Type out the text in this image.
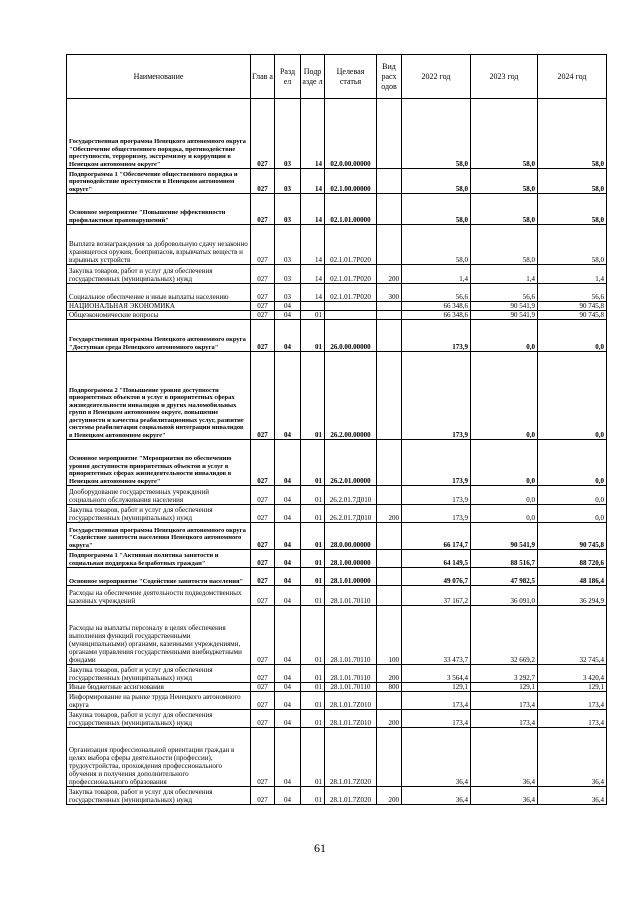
Наименование	Глав а	Разд ел	Подр азде л	Целевая статья	Вид расх одов	2022 год	2023 год	2024 год
Государственная программа Ненецкого автономного округа "Обеспечение общественного порядка, противодействие преступности, терроризму, экстремизму и коррупции в Ненецком автономном округе"	027	03	14	02.0.00.00000		58,0	58,0	58,0
Подпрограмма 1 "Обеспечение общественного порядка и противодействие преступности в Ненецком автономном округе"	027	03	14	02.1.00.00000		58,0	58,0	58,0
Основное мероприятие "Повышение эффективности профилактики правонарушений"	027	03	14	02.1.01.00000		58,0	58,0	58,0
Выплата вознаграждения за добровольную сдачу незаконно хранящегося оружия, боеприпасов, взрывчатых веществ и взрывных устройств	027	03	14	02.1.01.7Р020		58,0	58,0	58,0
Закупка товаров, работ и услуг для обеспечения государственных (муниципальных) нужд	027	03	14	02.1.01.7Р020	200	1,4	1,4	1,4
Социальное обеспечение и иные выплаты населению	027	03	14	02.1.01.7Р020	300	56,6	56,6	56,6
НАЦИОНАЛЬНАЯ ЭКОНОМИКА	027	04				66 348,6	90 541,9	90 745,8
Общеэкономические вопросы	027	04	01			66 348,6	90 541,9	90 745,8
Государственная программа Ненецкого автономного округа "Доступная среда Ненецкого автономного округа"	027	04	01	26.0.00.00000		173,9	0,0	0,0
Подпрограмма 2 "Повышение уровня доступности приоритетных объектов и услуг в приоритетных сферах жизнедеятельности инвалидов и других маломобильных групп в Ненецком автономном округе, повышение доступности и качества реабилитационных услуг, развитие системы реабилитации социальной интеграции инвалидов в Ненецком автономном округе"	027	04	01	26.2.00.00000		173,9	0,0	0,0
Основное мероприятие "Мероприятия по обеспечению уровня доступности приоритетных объектов и услуг в приоритетных сферах жизнедеятельности инвалидов в Ненецком автономном округе"	027	04	01	26.2.01.00000		173,9	0,0	0,0
Дооборудование государственных учреждений социального обслуживания населения	027	04	01	26.2.01.7Д010		173,9	0,0	0,0
Закупка товаров, работ и услуг для обеспечения государственных (муниципальных) нужд	027	04	01	26.2.01.7Д010	200	173,9	0,0	0,0
Государственная программа Ненецкого автономного округа "Содействие занятости населения Ненецкого автономного округа"	027	04	01	28.0.00.00000		66 174,7	90 541,9	90 745,8
Подпрограмма 1 "Активная политика занятости и социальная поддержка безработных граждан"	027	04	01	28.1.00.00000		64 149,5	88 516,7	88 720,6
Основное мероприятие "Содействие занятости населения"	027	04	01	28.1.01.00000		49 076,7	47 982,5	48 186,4
Расходы на обеспечение деятельности подведомственных казенных учреждений	027	04	01	28.1.01.70110		37 167,2	36 091,0	36 294,9
Расходы на выплаты персоналу в целях обеспечения выполнения функций государственными (муниципальными) органами, казенными учреждениями, органами управления государственными внебюджетными фондами	027	04	01	28.1.01.70110	100	33 473,7	32 669,2	32 745,4
Закупка товаров, работ и услуг для обеспечения государственных (муниципальных) нужд	027	04	01	28.1.01.70110	200	3 564,4	3 292,7	3 420,4
Иные бюджетные ассигнования	027	04	01	28.1.01.70110	800	129,1	129,1	129,1
Информирование на рынке труда Ненецкого автономного округа	027	04	01	28.1.01.7Z010		173,4	173,4	173,4
Закупка товаров, работ и услуг для обеспечения государственных (муниципальных) нужд	027	04	01	28.1.01.7Z010	200	173,4	173,4	173,4
Организация профессиональной ориентации граждан в целях выбора сферы деятельности (профессии), трудоустройства, прохождения профессионального обучения и получения дополнительного профессионального образования	027	04	01	28.1.01.7Z020		36,4	36,4	36,4
Закупка товаров, работ и услуг для обеспечения государственных (муниципальных) нужд	027	04	01	28.1.01.7Z020	200	36,4	36,4	36,4
61
